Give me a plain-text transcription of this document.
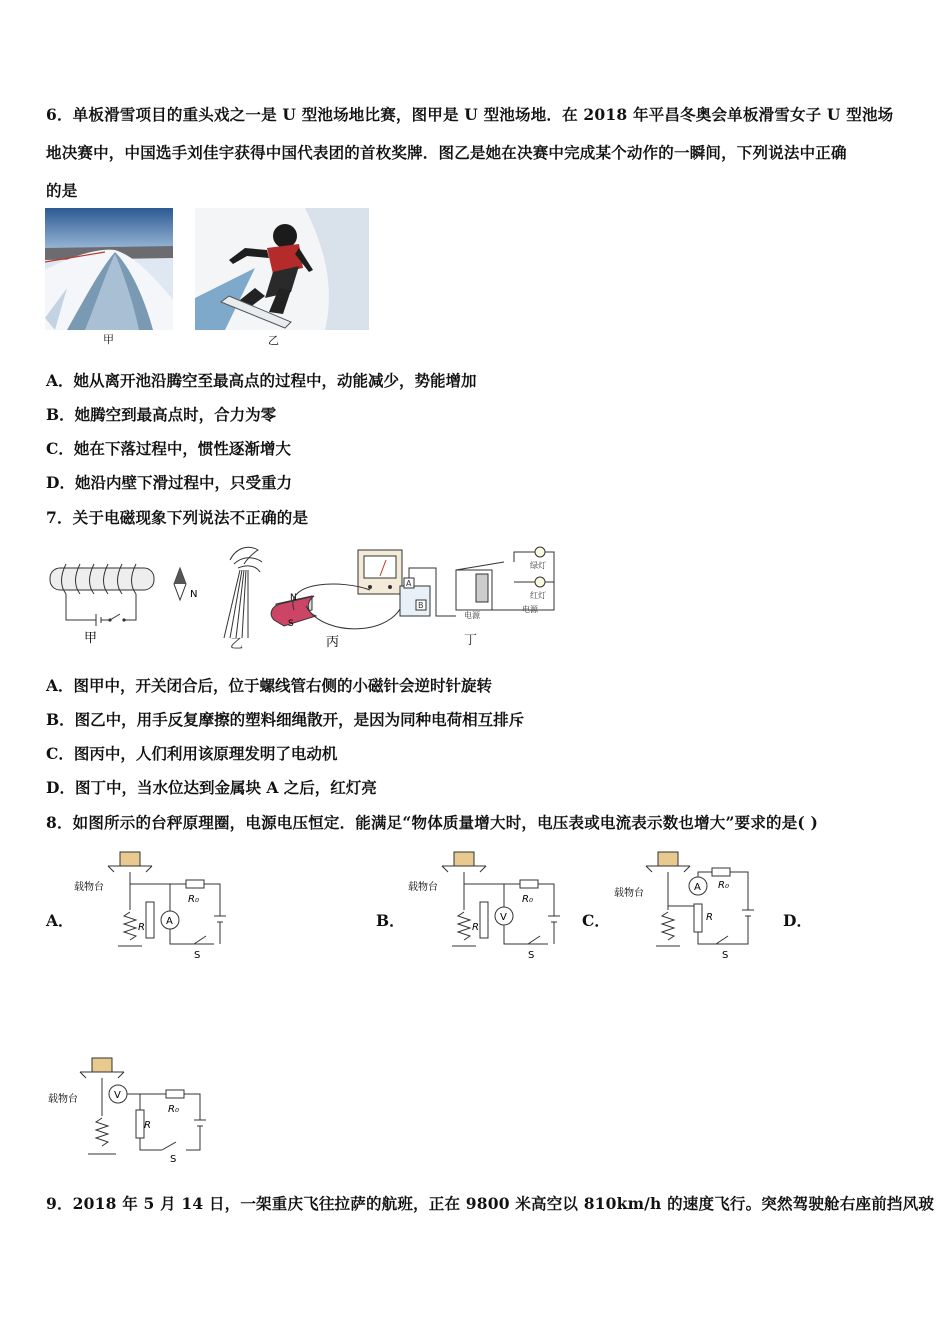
6．单板滑雪项目的重头戏之一是 U 型池场地比赛，图甲是 U 型池场地．在 2018 年平昌冬奥会单板滑雪女子 U 型池场
地决赛中，中国选手刘佳宇获得中国代表团的首枚奖牌．图乙是她在决赛中完成某个动作的一瞬间，下列说法中正确
的是
甲	乙
A．她从离开池沿腾空至最高点的过程中，动能减少，势能增加
B．她腾空到最高点时，合力为零
C．她在下落过程中，惯性逐渐增大
D．她沿内壁下滑过程中，只受重力
7．关于电磁现象下列说法不正确的是
N
甲	乙
N
S
丙
A
B
电源
绿灯
红灯
电源
丁
A．图甲中，开关闭合后，位于螺线管右侧的小磁针会逆时针旋转
B．图乙中，用手反复摩擦的塑料细绳散开，是因为同种电荷相互排斥
C．图丙中，人们利用该原理发明了电动机
D．图丁中，当水位达到金属块 A 之后，红灯亮
8．如图所示的台秤原理圈，电源电压恒定．能满足“物体质量增大时，电压表或电流表示数也增大”要求的是( )
A．	B．	C．	D．
载物台
R
A
R₀
S
载物台
R
V
R₀
S
载物台
A R₀
R
S
载物台	V
R
R₀
S
9．2018 年 5 月 14 日，一架重庆飞往拉萨的航班，正在 9800 米高空以 810km/h 的速度飞行。突然驾驶舱右座前挡风玻
